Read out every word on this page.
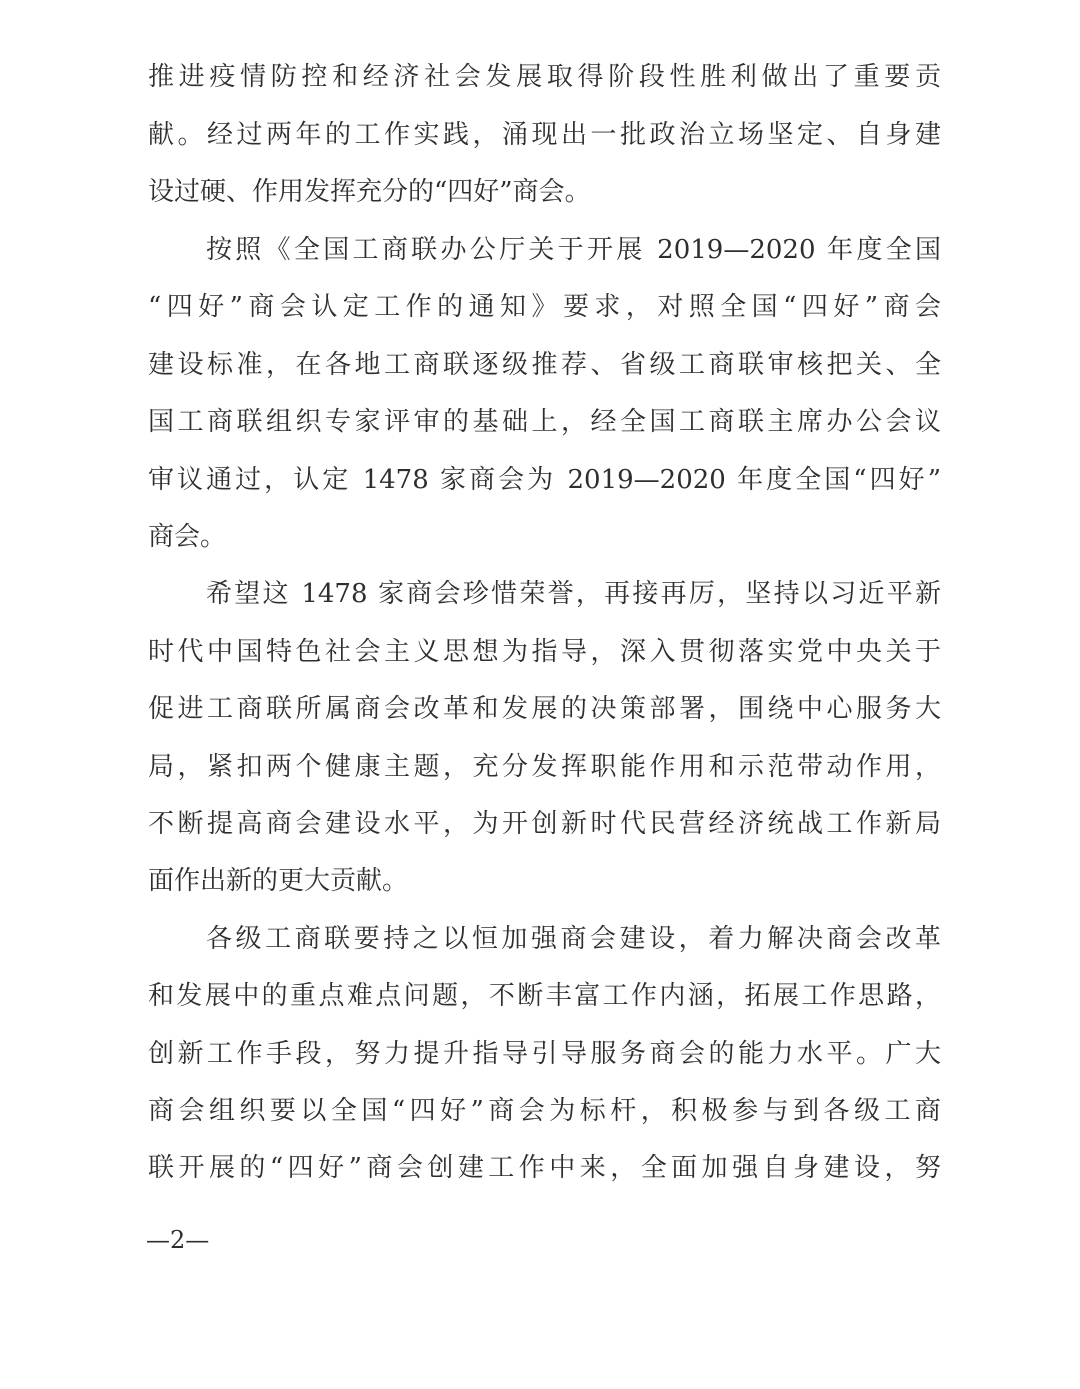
推进疫情防控和经济社会发展取得阶段性胜利做出了重要贡
献。经过两年的工作实践，涌现出一批政治立场坚定、自身建
设过硬、作用发挥充分的“四好”商会。
按照《全国工商联办公厅关于开展 2019—2020 年度全国
“四好”商会认定工作的通知》要求，对照全国“四好”商会
建设标准，在各地工商联逐级推荐、省级工商联审核把关、全
国工商联组织专家评审的基础上，经全国工商联主席办公会议
审议通过，认定 1478 家商会为 2019—2020 年度全国“四好”
商会。
希望这 1478 家商会珍惜荣誉，再接再厉，坚持以习近平新
时代中国特色社会主义思想为指导，深入贯彻落实党中央关于
促进工商联所属商会改革和发展的决策部署，围绕中心服务大
局，紧扣两个健康主题，充分发挥职能作用和示范带动作用，
不断提高商会建设水平，为开创新时代民营经济统战工作新局
面作出新的更大贡献。
各级工商联要持之以恒加强商会建设，着力解决商会改革
和发展中的重点难点问题，不断丰富工作内涵，拓展工作思路，
创新工作手段，努力提升指导引导服务商会的能力水平。广大
商会组织要以全国“四好”商会为标杆，积极参与到各级工商
联开展的“四好”商会创建工作中来，全面加强自身建设，努
—2—
